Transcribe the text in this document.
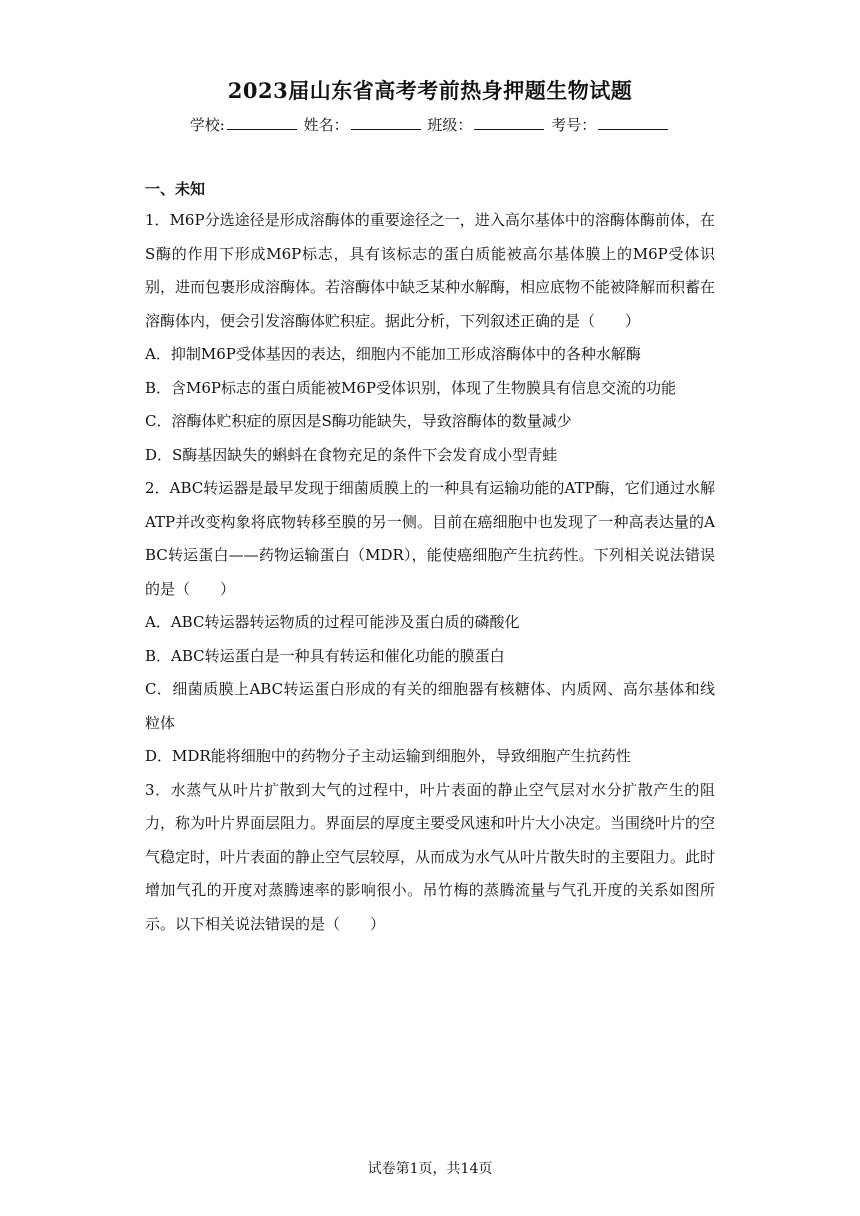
2023届山东省高考考前热身押题生物试题
学校:	姓名：	班级：	考号：
一、未知

1．M6P分选途径是形成溶酶体的重要途径之一，进入高尔基体中的溶酶体酶前体，在S酶的作用下形成M6P标志，具有该标志的蛋白质能被高尔基体膜上的M6P受体识别，进而包裹形成溶酶体。若溶酶体中缺乏某种水解酶，相应底物不能被降解而积蓄在溶酶体内，便会引发溶酶体贮积症。据此分析，下列叙述正确的是（　　）

A．抑制M6P受体基因的表达，细胞内不能加工形成溶酶体中的各种水解酶

B．含M6P标志的蛋白质能被M6P受体识别，体现了生物膜具有信息交流的功能

C．溶酶体贮积症的原因是S酶功能缺失，导致溶酶体的数量减少

D．S酶基因缺失的蝌蚪在食物充足的条件下会发育成小型青蛙

2．ABC转运器是最早发现于细菌质膜上的一种具有运输功能的ATP酶，它们通过水解ATP并改变构象将底物转移至膜的另一侧。目前在癌细胞中也发现了一种高表达量的ABC转运蛋白——药物运输蛋白（MDR），能使癌细胞产生抗药性。下列相关说法错误的是（　　）

A．ABC转运器转运物质的过程可能涉及蛋白质的磷酸化

B．ABC转运蛋白是一种具有转运和催化功能的膜蛋白

C．细菌质膜上ABC转运蛋白形成的有关的细胞器有核糖体、内质网、高尔基体和线粒体

D．MDR能将细胞中的药物分子主动运输到细胞外，导致细胞产生抗药性

3．水蒸气从叶片扩散到大气的过程中，叶片表面的静止空气层对水分扩散产生的阻力，称为叶片界面层阻力。界面层的厚度主要受风速和叶片大小决定。当围绕叶片的空气稳定时，叶片表面的静止空气层较厚，从而成为水气从叶片散失时的主要阻力。此时增加气孔的开度对蒸腾速率的影响很小。吊竹梅的蒸腾流量与气孔开度的关系如图所示。以下相关说法错误的是（　　）

试卷第1页，共14页
